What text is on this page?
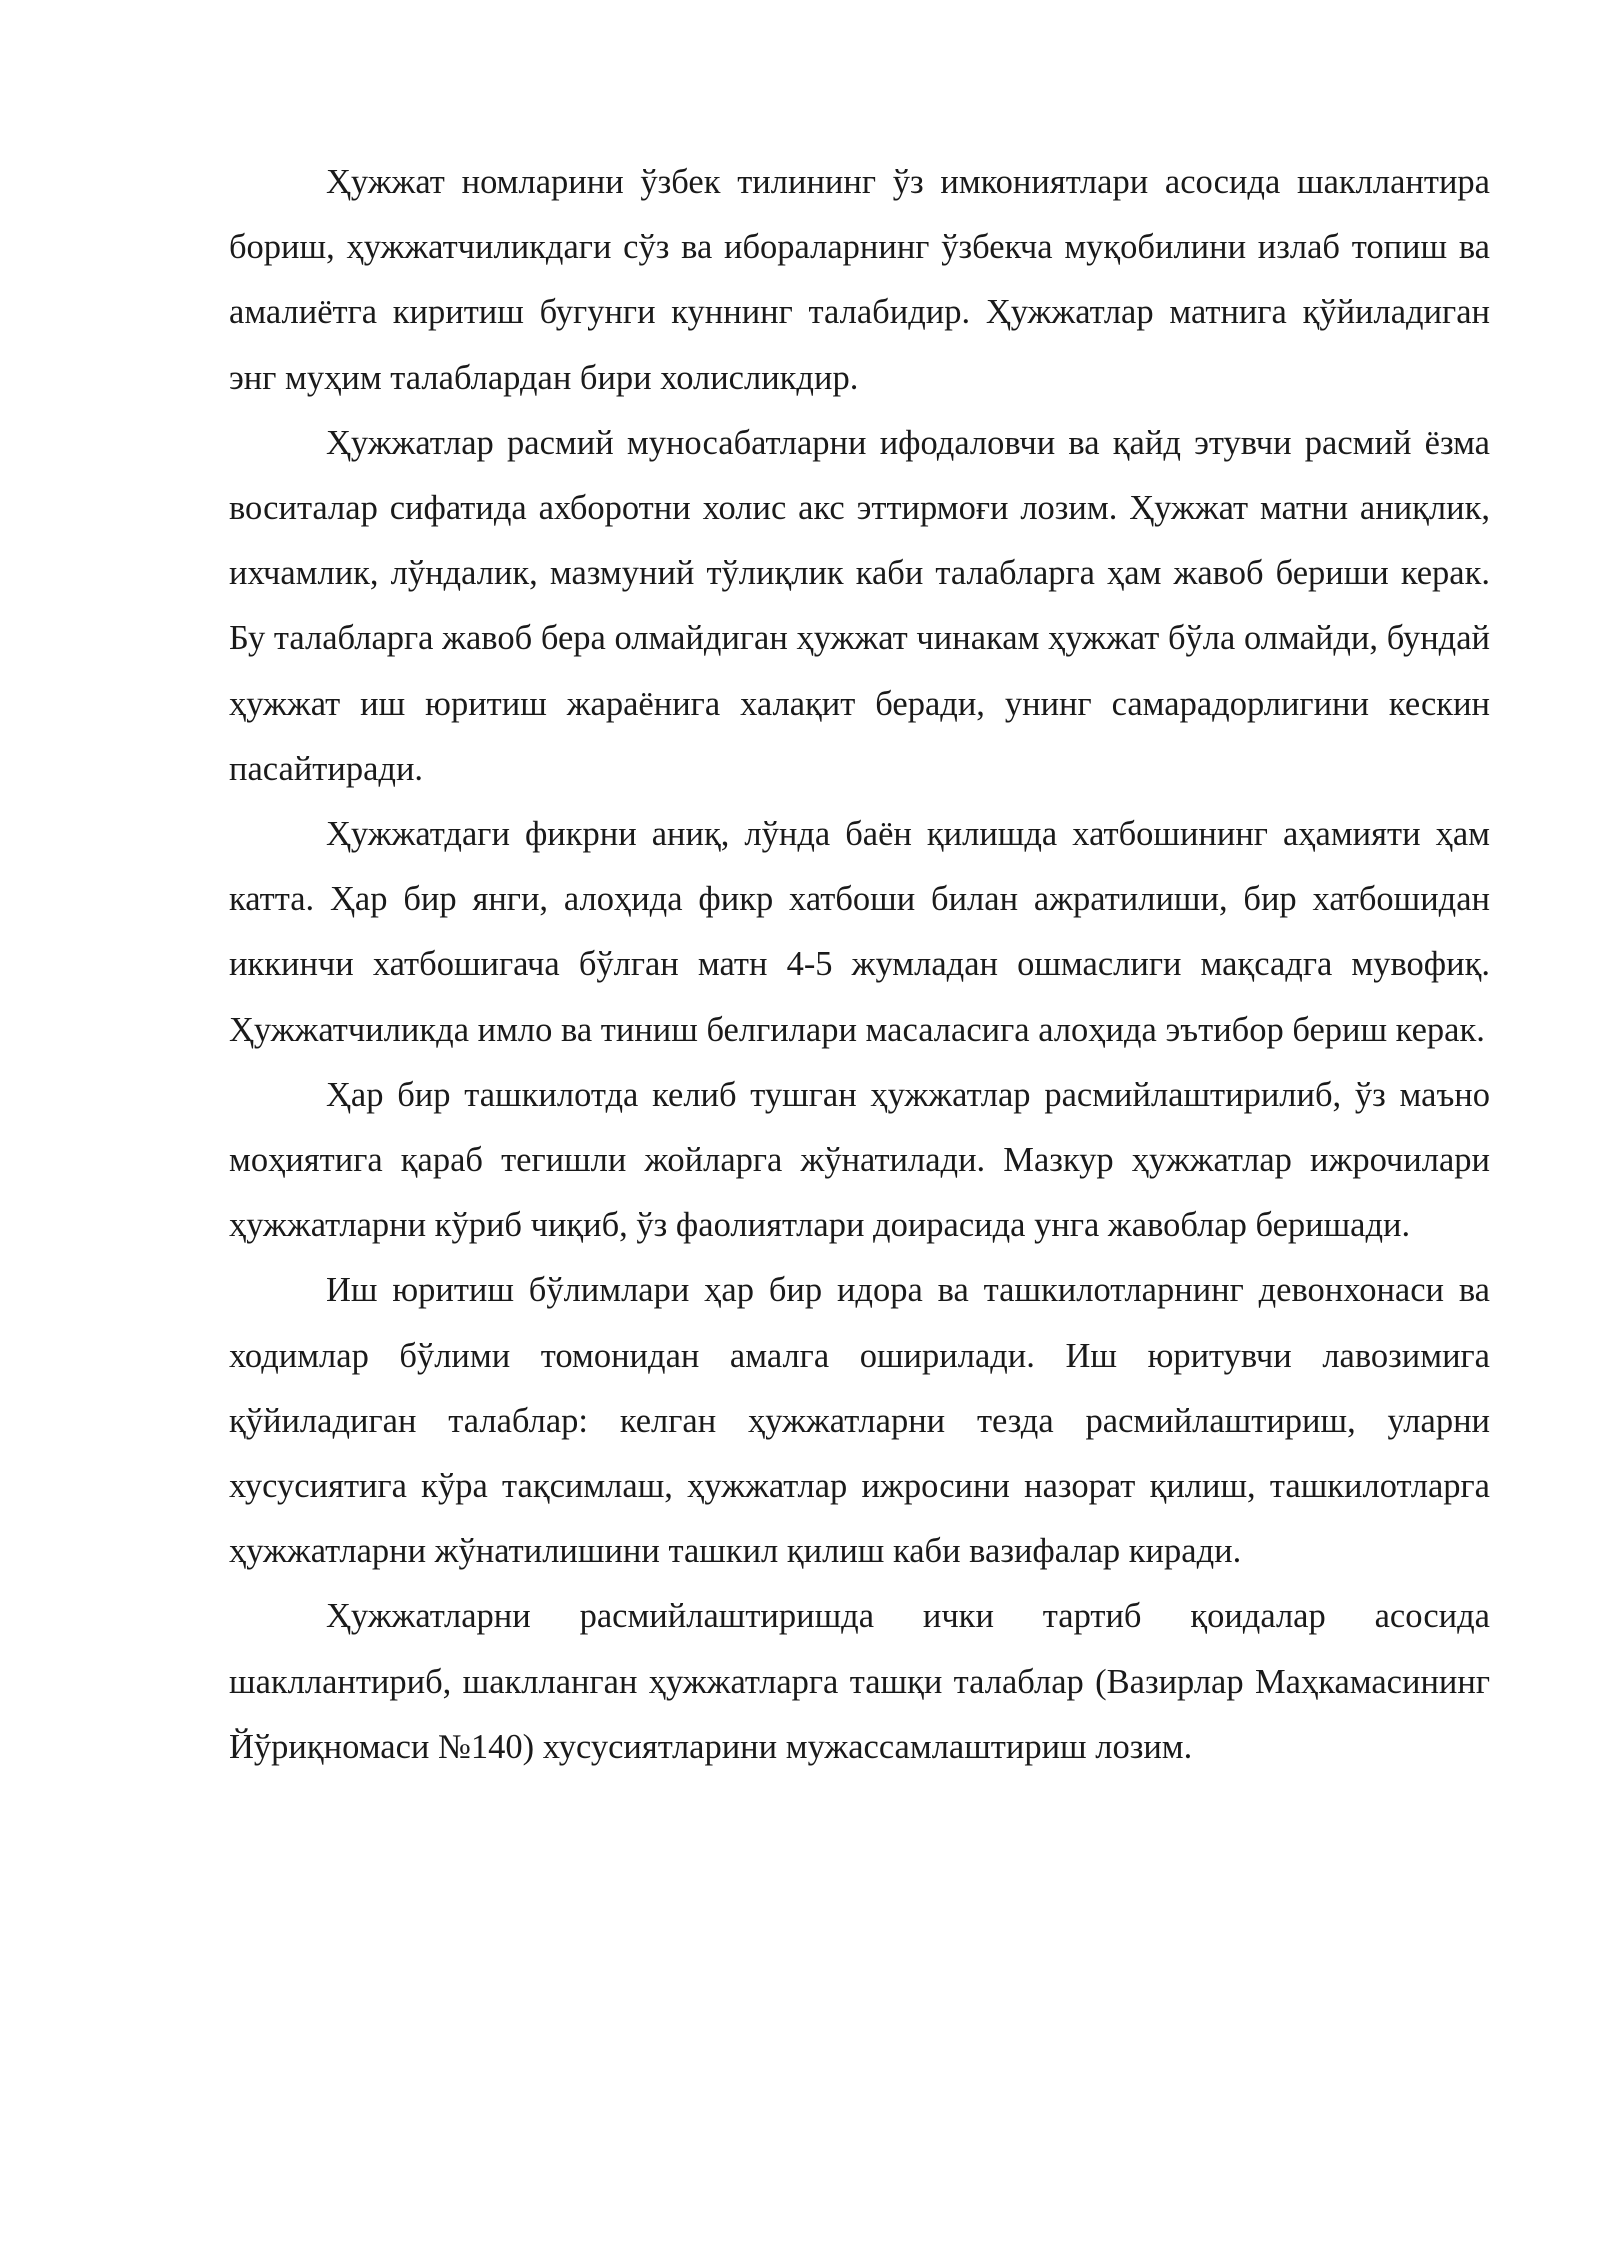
Ҳужжат номларини ўзбек тилининг ўз имкониятлари асосида шакллантира бориш, ҳужжатчиликдаги сўз ва ибораларнинг ўзбекча муқобилини излаб топиш ва амалиётга киритиш бугунги куннинг талабидир. Ҳужжатлар матнига қўйиладиган энг муҳим талаблардан бири холисликдир.

Ҳужжатлар расмий муносабатларни ифодаловчи ва қайд этувчи расмий ёзма воситалар сифатида ахборотни холис акс эттирмоғи лозим. Ҳужжат матни аниқлик, ихчамлик, лўндалик, мазмуний тўлиқлик каби талабларга ҳам жавоб бериши керак. Бу талабларга жавоб бера олмайдиган ҳужжат чинакам ҳужжат бўла олмайди, бундай ҳужжат иш юритиш жараёнига халақит беради, унинг самарадорлигини кескин пасайтиради.

Ҳужжатдаги фикрни аниқ, лўнда баён қилишда хатбошининг аҳамияти ҳам катта. Ҳар бир янги, алоҳида фикр хатбоши билан ажратилиши, бир хатбошидан иккинчи хатбошигача бўлган матн 4-5 жумладан ошмаслиги мақсадга мувофиқ. Ҳужжатчиликда имло ва тиниш белгилари масаласига алоҳида эътибор бериш керак.

Ҳар бир ташкилотда келиб тушган ҳужжатлар расмийлаштирилиб, ўз маъно моҳиятига қараб тегишли жойларга жўнатилади. Мазкур ҳужжатлар ижрочилари ҳужжатларни кўриб чиқиб, ўз фаолиятлари доирасида унга жавоблар беришади.

Иш юритиш бўлимлари ҳар бир идора ва ташкилотларнинг девонхонаси ва ходимлар бўлими томонидан амалга оширилади. Иш юритувчи лавозимига қўйиладиган талаблар: келган ҳужжатларни тезда расмийлаштириш, уларни хусусиятига кўра тақсимлаш, ҳужжатлар ижросини назорат қилиш, ташкилотларга ҳужжатларни жўнатилишини ташкил қилиш каби вазифалар киради.

Ҳужжатларни расмийлаштиришда ички тартиб қоидалар асосида шакллантириб, шаклланган ҳужжатларга ташқи талаблар (Вазирлар Маҳкамасининг Йўриқномаси №140) хусусиятларини мужассамлаштириш лозим.
